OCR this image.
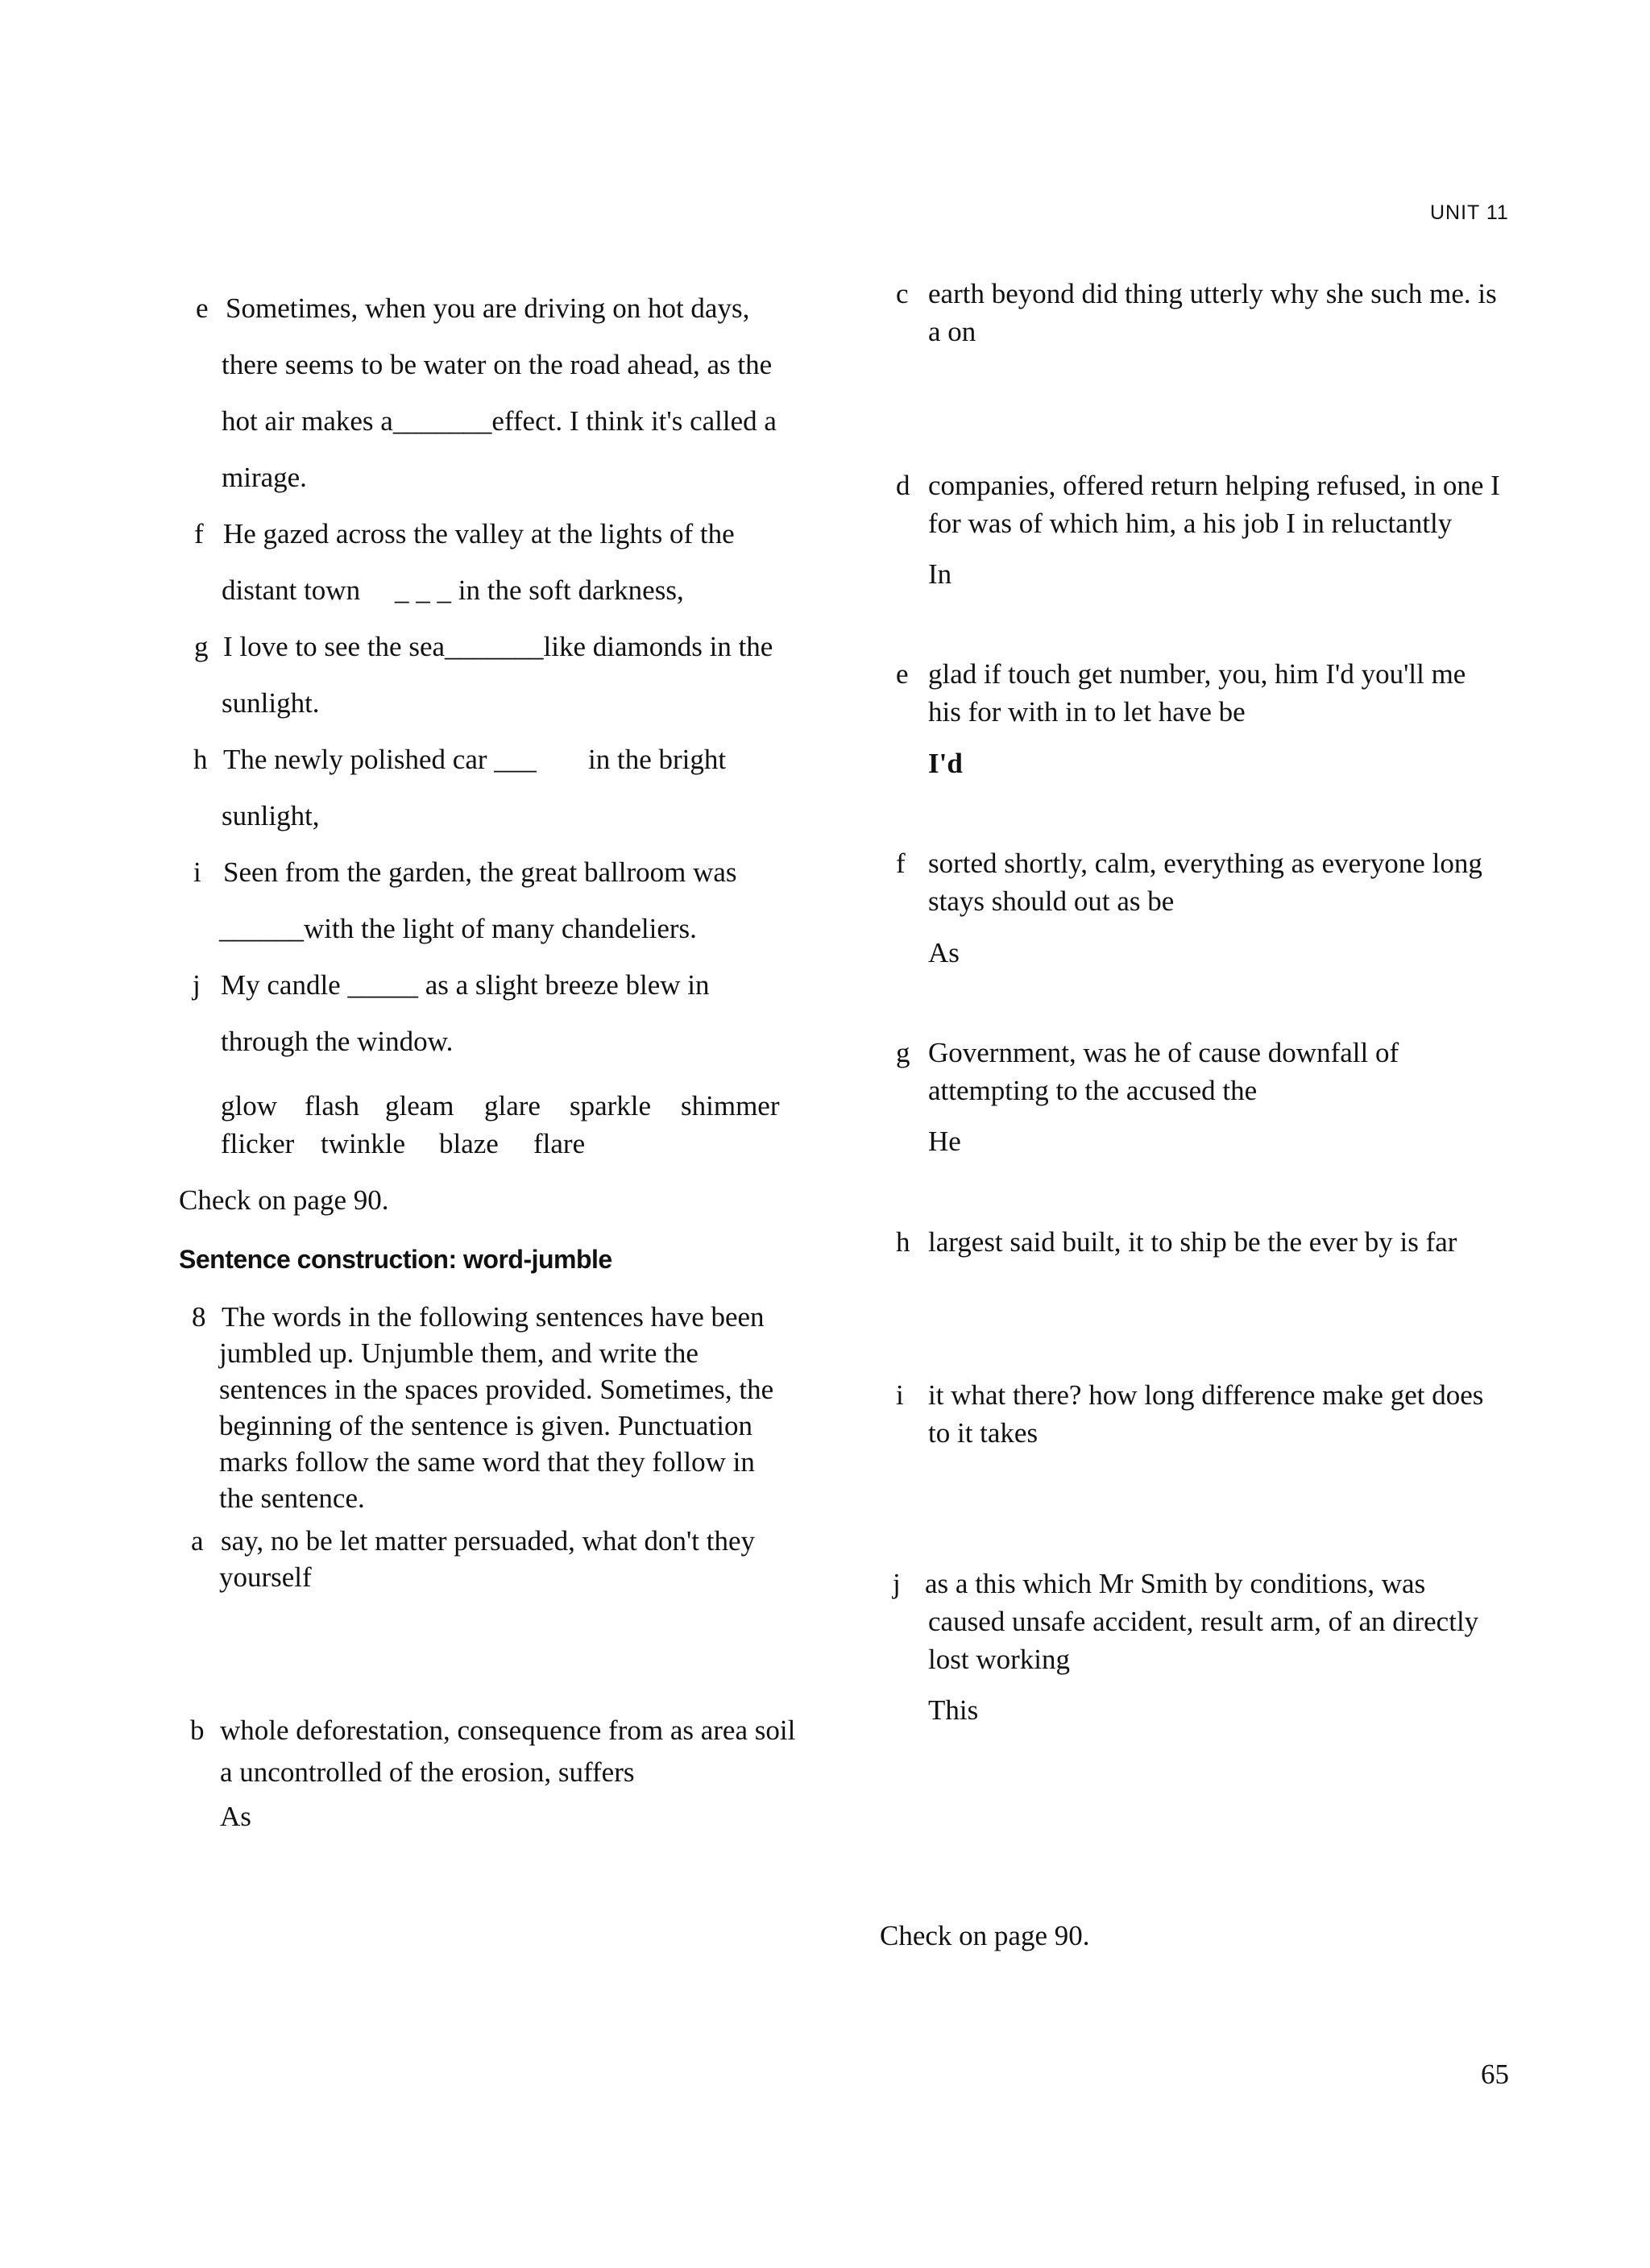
UNIT 11
e Sometimes, when you are driving on hot days,
there seems to be water on the road ahead, as the
hot air makes a_______effect. I think it's called a
mirage.
f He gazed across the valley at the lights of the
distant town _ _ _ in the soft darkness,
g I love to see the sea_______like diamonds in the
sunlight.
h The newly polished car ___ in the bright
sunlight,
i Seen from the garden, the great ballroom was
______with the light of many chandeliers.
j My candle _____ as a slight breeze blew in
through the window.
glow flash gleam glare sparkle shimmer
flicker twinkle blaze flare
Check on page 90.
Sentence construction: word-jumble
8 The words in the following sentences have been
jumbled up. Unjumble them, and write the
sentences in the spaces provided. Sometimes, the
beginning of the sentence is given. Punctuation
marks follow the same word that they follow in
the sentence.
a say, no be let matter persuaded, what don't they
yourself
b whole deforestation, consequence from as area soil
a uncontrolled of the erosion, suffers
As
c earth beyond did thing utterly why she such me. is
a on
d companies, offered return helping refused, in one I
for was of which him, a his job I in reluctantly
In
e glad if touch get number, you, him I'd you'll me
his for with in to let have be
I'd
f sorted shortly, calm, everything as everyone long
stays should out as be
As
g Government, was he of cause downfall of
attempting to the accused the
He
h largest said built, it to ship be the ever by is far
i it what there? how long difference make get does
to it takes
j as a this which Mr Smith by conditions, was
caused unsafe accident, result arm, of an directly
lost working
This
Check on page 90.
65
